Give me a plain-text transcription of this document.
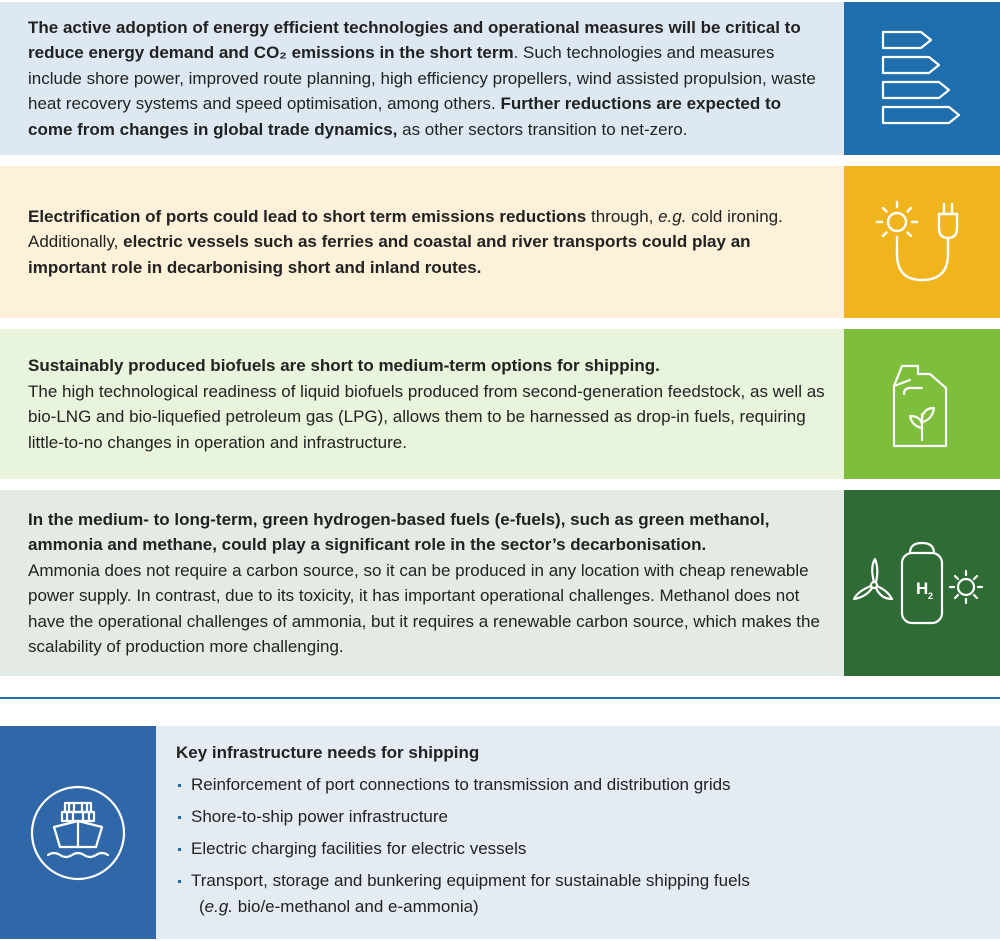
The active adoption of energy efficient technologies and operational measures will be critical to reduce energy demand and CO₂ emissions in the short term. Such technologies and measures include shore power, improved route planning, high efficiency propellers, wind assisted propulsion, waste heat recovery systems and speed optimisation, among others. Further reductions are expected to come from changes in global trade dynamics, as other sectors transition to net-zero.
Electrification of ports could lead to short term emissions reductions through, e.g. cold ironing. Additionally, electric vessels such as ferries and coastal and river transports could play an important role in decarbonising short and inland routes.
Sustainably produced biofuels are short to medium-term options for shipping.
The high technological readiness of liquid biofuels produced from second-generation feedstock, as well as bio-LNG and bio-liquefied petroleum gas (LPG), allows them to be harnessed as drop-in fuels, requiring little-to-no changes in operation and infrastructure.
In the medium- to long-term, green hydrogen-based fuels (e-fuels), such as green methanol, ammonia and methane, could play a significant role in the sector’s decarbonisation.
Ammonia does not require a carbon source, so it can be produced in any location with cheap renewable power supply. In contrast, due to its toxicity, it has important operational challenges. Methanol does not have the operational challenges of ammonia, but it requires a renewable carbon source, which makes the scalability of production more challenging.
H 2
Key infrastructure needs for shipping
Reinforcement of port connections to transmission and distribution grids
Shore-to-ship power infrastructure
Electric charging facilities for electric vessels
Transport, storage and bunkering equipment for sustainable shipping fuels
(e.g. bio/e-methanol and e-ammonia)
